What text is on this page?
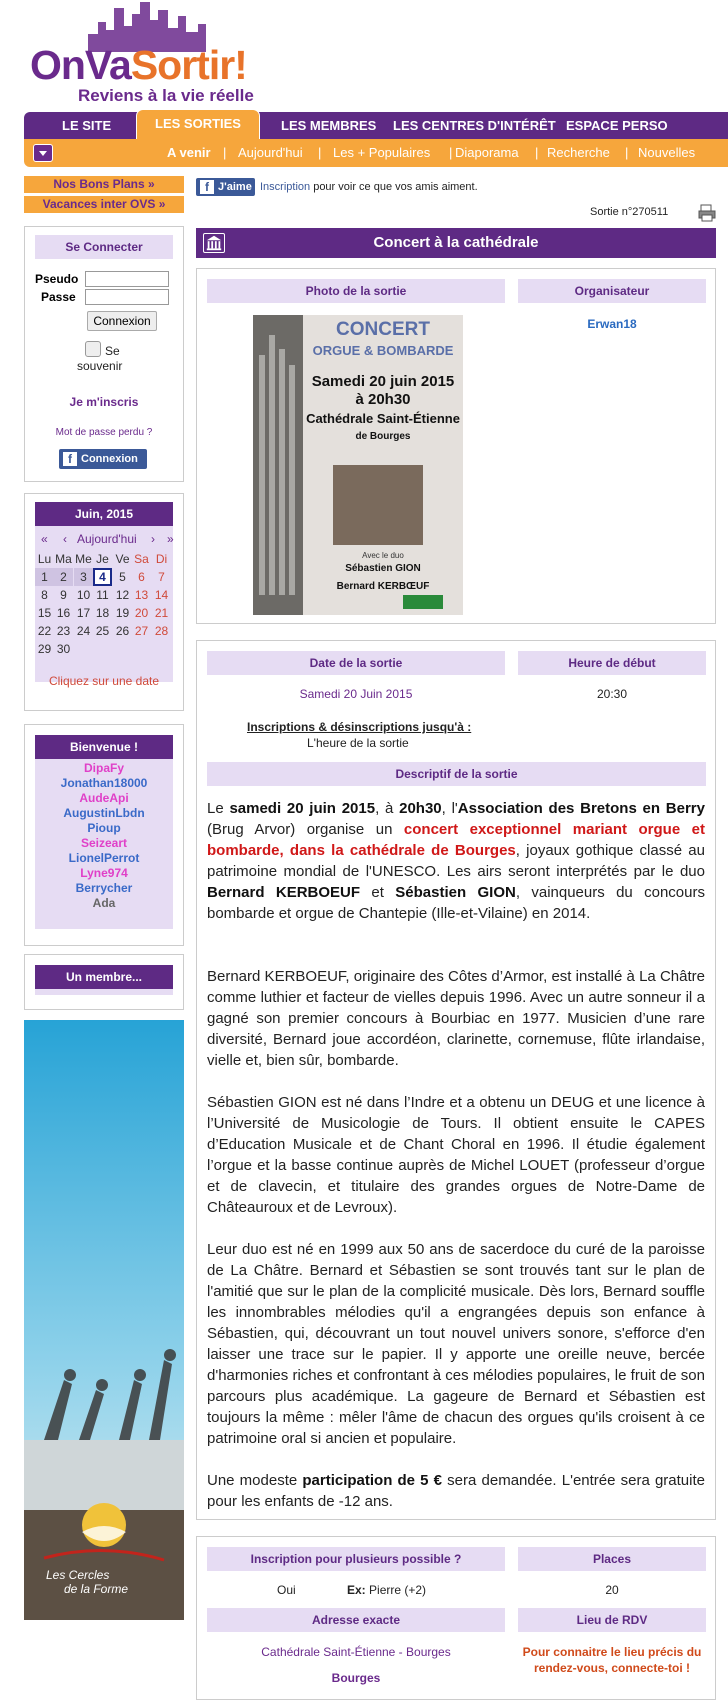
OnVaSortir!
Reviens à la vie réelle
LE SITE	LES SORTIES	LES MEMBRES LES CENTRES D'INTÉRÊT ESPACE PERSO
A venir | Aujourd'hui | Les + Populaires | Diaporama | Recherche | Nouvelles
Nos Bons Plans »
Vacances inter OVS »
Se Connecter
Pseudo
Passe
Connexion
Se
souvenir
Je m'inscris
Mot de passe perdu ?
f Connexion
Juin, 2015
« ‹ Aujourd'hui › »
Lu Ma Me Je Ve Sa Di
1	2	3	4	5	6	7
8	9 10 11 12 13 14
15 16 17 18 19 20 21
22 23 24 25 26 27 28
29 30
Cliquez sur une date
Bienvenue !
DipaFy
Jonathan18000
AudeApi
AugustinLbdn
Pioup
Seizeart
LionelPerrot
Lyne974
Berrycher
Ada
Un membre...
Les Cercles
de la Forme
f J'aime Inscription pour voir ce que vos amis aiment.
Sortie n°270511
Concert à la cathédrale
Photo de la sortie	Organisateur
Erwan18
CONCERT
ORGUE & BOMBARDE
Samedi 20 juin 2015
à 20h30
Cathédrale Saint-Étienne
de Bourges
Avec le duo
Sébastien GION
Bernard KERBŒUF
Date de la sortie	Heure de début
Samedi 20 Juin 2015	20:30
Inscriptions & désinscriptions jusqu'à :
L'heure de la sortie
Descriptif de la sortie
Le samedi 20 juin 2015, à 20h30, l'Association des Bretons en Berry (Brug Arvor) organise un concert exceptionnel mariant orgue et bombarde, dans la cathédrale de Bourges, joyaux gothique classé au patrimoine mondial de l'UNESCO. Les airs seront interprétés par le duo Bernard KERBOEUF et Sébastien GION, vainqueurs du concours bombarde et orgue de Chantepie (Ille-et-Vilaine) en 2014.
Bernard KERBOEUF, originaire des Côtes d’Armor, est installé à La Châtre comme luthier et facteur de vielles depuis 1996. Avec un autre sonneur il a gagné son premier concours à Bourbiac en 1977. Musicien d’une rare diversité, Bernard joue accordéon, clarinette, cornemuse, flûte irlandaise, vielle et, bien sûr, bombarde.
Sébastien GION est né dans l’Indre et a obtenu un DEUG et une licence à l’Université de Musicologie de Tours. Il obtient ensuite le CAPES d’Education Musicale et de Chant Choral en 1996. Il étudie également l’orgue et la basse continue auprès de Michel LOUET (professeur d’orgue et de clavecin, et titulaire des grandes orgues de Notre-Dame de Châteauroux et de Levroux).
Leur duo est né en 1999 aux 50 ans de sacerdoce du curé de la paroisse de La Châtre. Bernard et Sébastien se sont trouvés tant sur le plan de l'amitié que sur le plan de la complicité musicale. Dès lors, Bernard souffle les innombrables mélodies qu'il a engrangées depuis son enfance à Sébastien, qui, découvrant un tout nouvel univers sonore, s'efforce d'en laisser une trace sur le papier. Il y apporte une oreille neuve, bercée d'harmonies riches et confrontant à ces mélodies populaires, le fruit de son parcours plus académique. La gageure de Bernard et Sébastien est toujours la même : mêler l'âme de chacun des orgues qu'ils croisent à ce patrimoine oral si ancien et populaire.
Une modeste participation de 5 € sera demandée. L'entrée sera gratuite pour les enfants de -12 ans.
Inscription pour plusieurs possible ?	Places
Oui	Ex: Pierre (+2)	20
Adresse exacte	Lieu de RDV
Cathédrale Saint-Étienne - Bourges
Bourges
Pour connaitre le lieu précis du
rendez-vous, connecte-toi !
